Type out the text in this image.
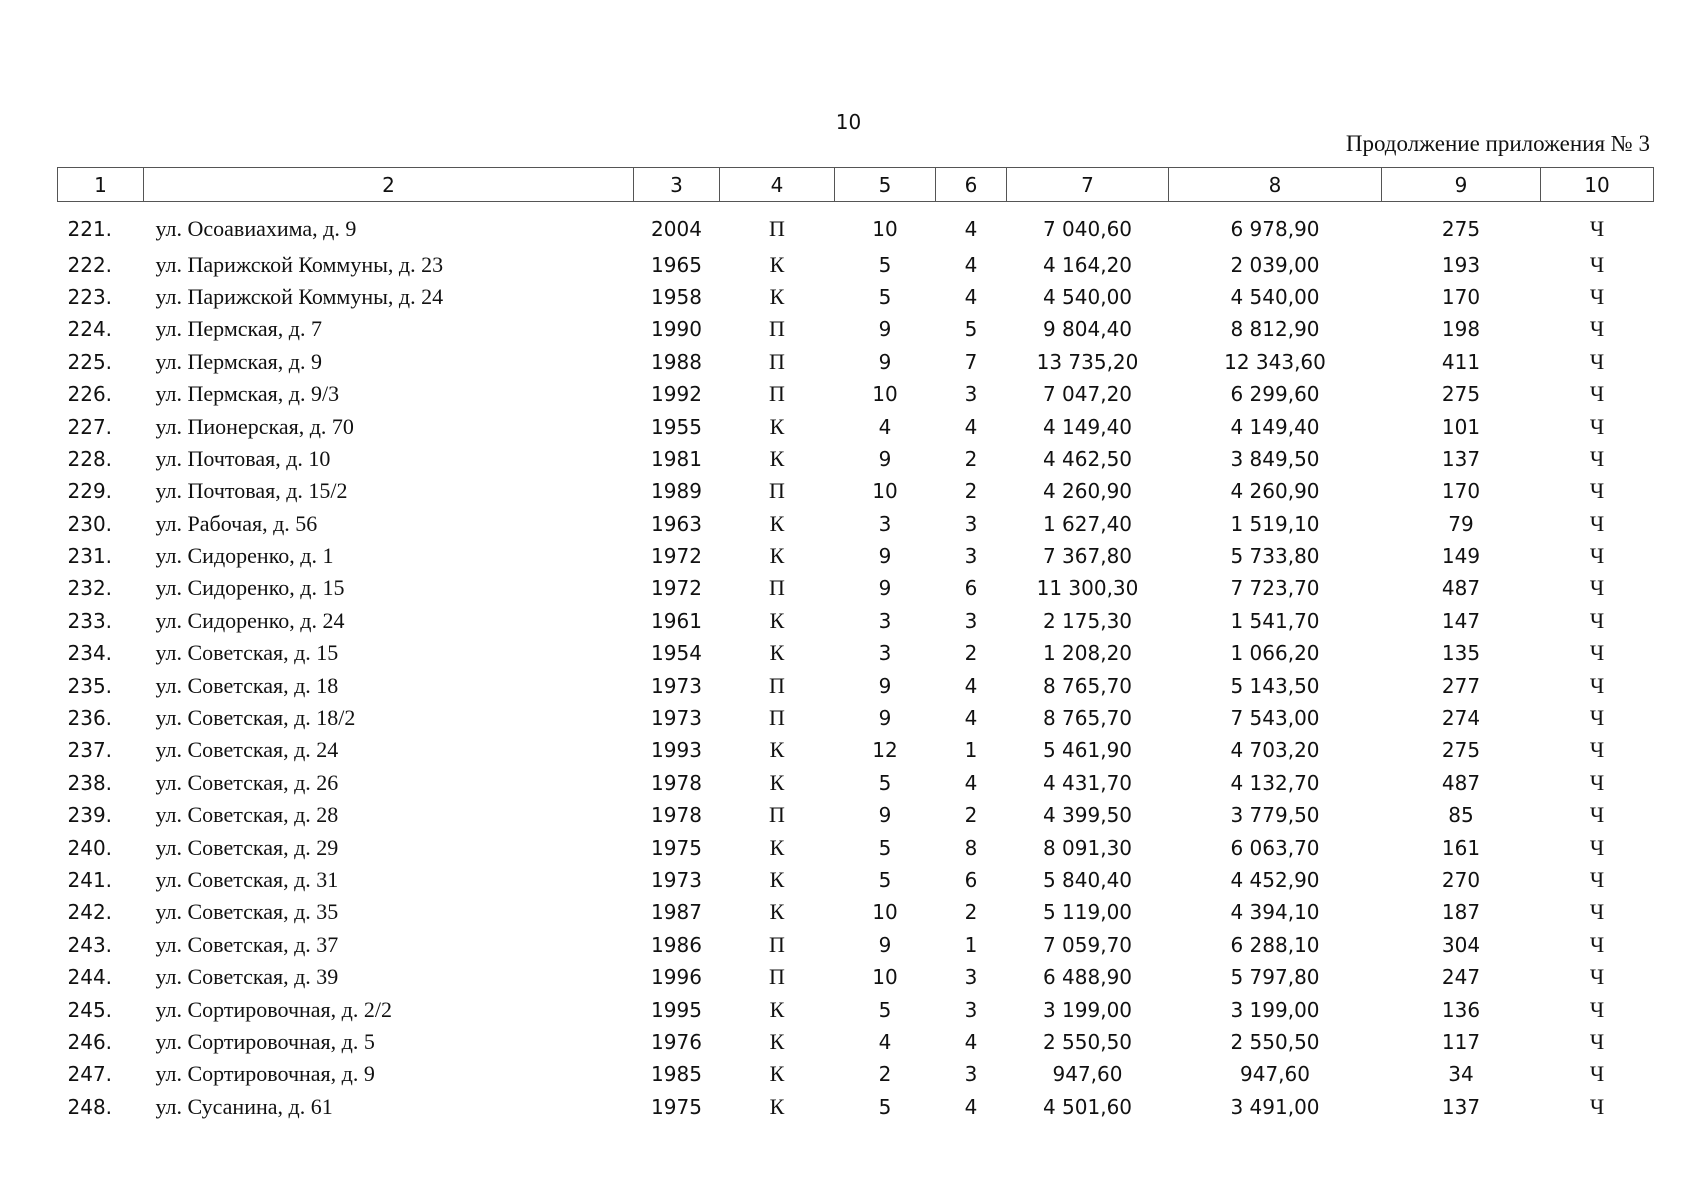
10
Продолжение приложения № 3
1	2	3	4	5	6	7	8	9	10
221.	ул. Осоавиахима, д. 9	2004	П	10	4	7 040,60	6 978,90	275	Ч
222.	ул. Парижской Коммуны, д. 23	1965	К	5	4	4 164,20	2 039,00	193	Ч
223.	ул. Парижской Коммуны, д. 24	1958	К	5	4	4 540,00	4 540,00	170	Ч
224.	ул. Пермская, д. 7	1990	П	9	5	9 804,40	8 812,90	198	Ч
225.	ул. Пермская, д. 9	1988	П	9	7	13 735,20	12 343,60	411	Ч
226.	ул. Пермская, д. 9/3	1992	П	10	3	7 047,20	6 299,60	275	Ч
227.	ул. Пионерская, д. 70	1955	К	4	4	4 149,40	4 149,40	101	Ч
228.	ул. Почтовая, д. 10	1981	К	9	2	4 462,50	3 849,50	137	Ч
229.	ул. Почтовая, д. 15/2	1989	П	10	2	4 260,90	4 260,90	170	Ч
230.	ул. Рабочая, д. 56	1963	К	3	3	1 627,40	1 519,10	79	Ч
231.	ул. Сидоренко, д. 1	1972	К	9	3	7 367,80	5 733,80	149	Ч
232.	ул. Сидоренко, д. 15	1972	П	9	6	11 300,30	7 723,70	487	Ч
233.	ул. Сидоренко, д. 24	1961	К	3	3	2 175,30	1 541,70	147	Ч
234.	ул. Советская, д. 15	1954	К	3	2	1 208,20	1 066,20	135	Ч
235.	ул. Советская, д. 18	1973	П	9	4	8 765,70	5 143,50	277	Ч
236.	ул. Советская, д. 18/2	1973	П	9	4	8 765,70	7 543,00	274	Ч
237.	ул. Советская, д. 24	1993	К	12	1	5 461,90	4 703,20	275	Ч
238.	ул. Советская, д. 26	1978	К	5	4	4 431,70	4 132,70	487	Ч
239.	ул. Советская, д. 28	1978	П	9	2	4 399,50	3 779,50	85	Ч
240.	ул. Советская, д. 29	1975	К	5	8	8 091,30	6 063,70	161	Ч
241.	ул. Советская, д. 31	1973	К	5	6	5 840,40	4 452,90	270	Ч
242.	ул. Советская, д. 35	1987	К	10	2	5 119,00	4 394,10	187	Ч
243.	ул. Советская, д. 37	1986	П	9	1	7 059,70	6 288,10	304	Ч
244.	ул. Советская, д. 39	1996	П	10	3	6 488,90	5 797,80	247	Ч
245.	ул. Сортировочная, д. 2/2	1995	К	5	3	3 199,00	3 199,00	136	Ч
246.	ул. Сортировочная, д. 5	1976	К	4	4	2 550,50	2 550,50	117	Ч
247.	ул. Сортировочная, д. 9	1985	К	2	3	947,60	947,60	34	Ч
248.	ул. Сусанина, д. 61	1975	К	5	4	4 501,60	3 491,00	137	Ч
